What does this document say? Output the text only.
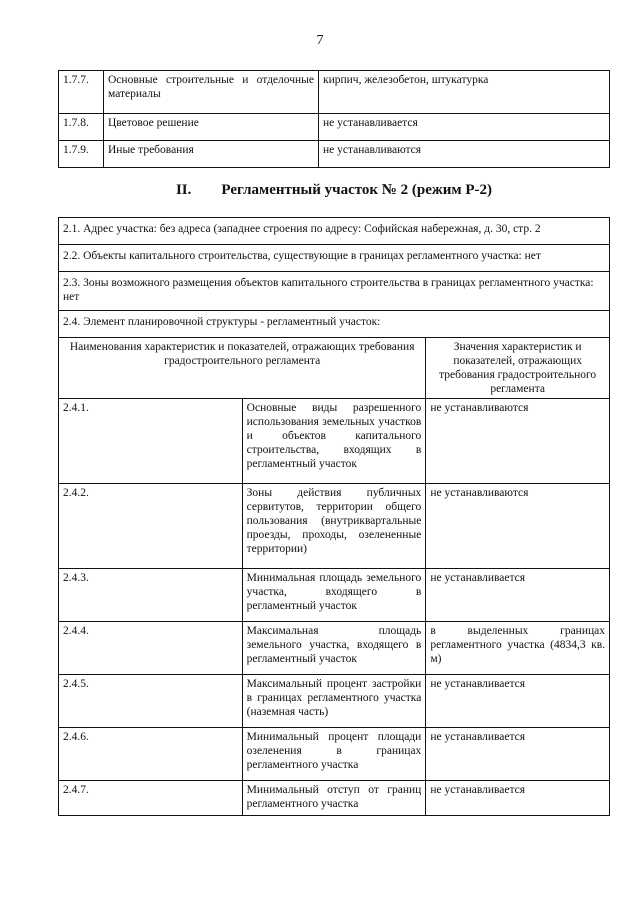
7
1.7.7.	Основные строительные и отделочные материалы	кирпич, железобетон, штукатурка
1.7.8.	Цветовое решение	не устанавливается
1.7.9.	Иные требования	не устанавливаются
II. Регламентный участок № 2 (режим Р-2)
2.1. Адрес участка: без адреса (западнее строения по адресу: Софийская набережная, д. 30, стр. 2		
2.2. Объекты капитального строительства, существующие в границах регламентного участка: нет		
2.3. Зоны возможного размещения объектов капитального строительства в границах регламентного участка: нет		
2.4. Элемент планировочной структуры - регламентный участок:		
Наименования характеристик и показателей, отражающих требования градостроительного регламента		Значения характеристик и показателей, отражающих требования градостроительного регламента
2.4.1.	Основные виды разрешенного использования земельных участков и объектов капитального строительства, входящих в регламентный участок	не устанавливаются
2.4.2.	Зоны действия публичных сервитутов, территории общего пользования (внутриквартальные проезды, проходы, озелененные территории)	не устанавливаются
2.4.3.	Минимальная площадь земельного участка, входящего в регламентный участок	не устанавливается
2.4.4.	Максимальная площадь земельного участка, входящего в регламентный участок	в выделенных границах регламентного участка (4834,3 кв. м)
2.4.5.	Максимальный процент застройки в границах регламентного участка (наземная часть)	не устанавливается
2.4.6.	Минимальный процент площади озеленения в границах регламентного участка	не устанавливается
2.4.7.	Минимальный отступ от границ регламентного участка	не устанавливается
